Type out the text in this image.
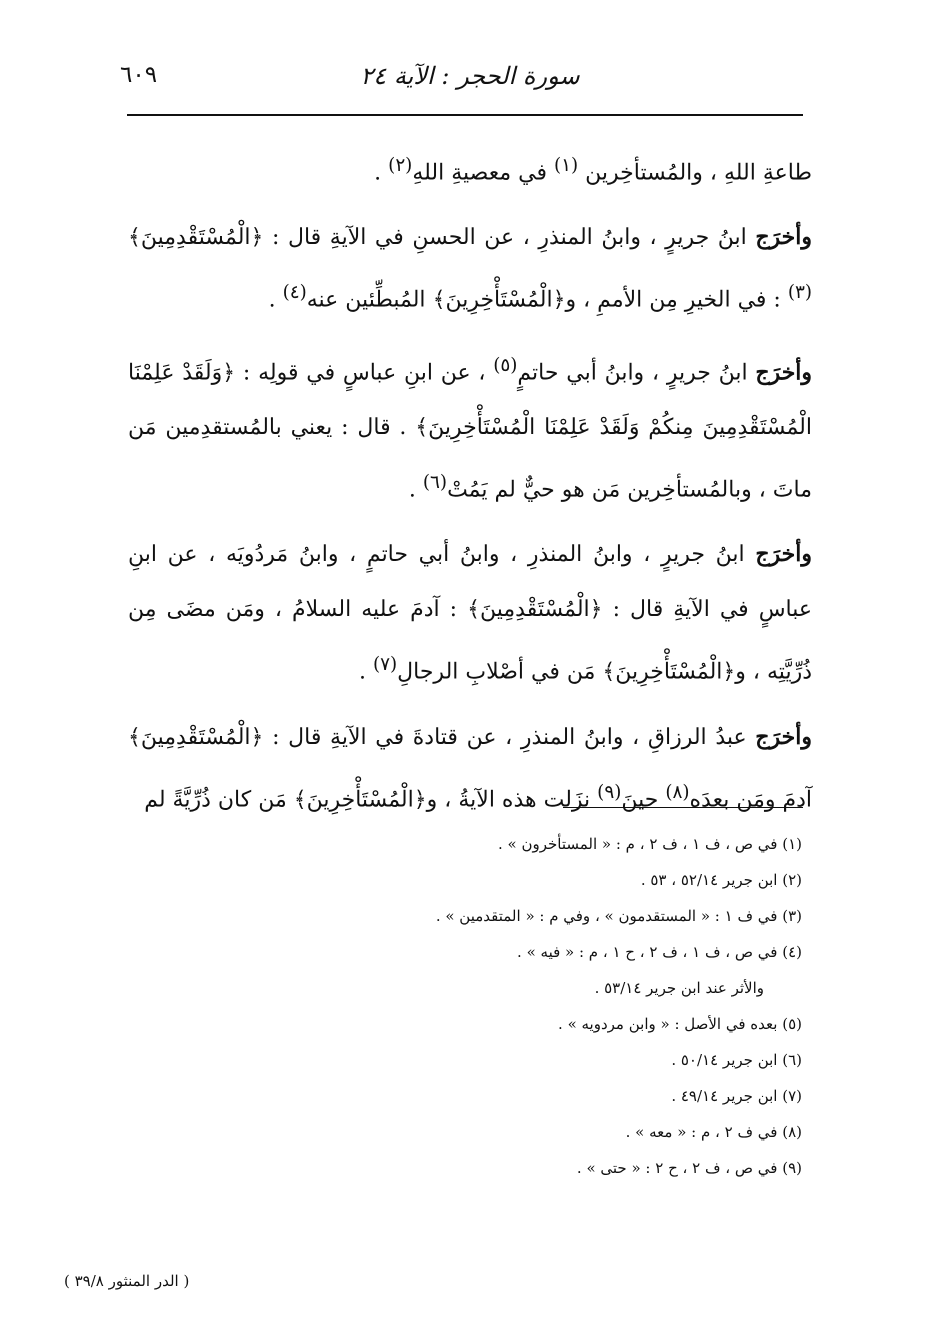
سورة الحجر : الآية ٢٤
٦٠٩

طاعةِ اللهِ ، والمُستأخِرين $^{(١)}$ في معصيةِ اللهِ$^{(٢)}$ .

وأخرَج ابنُ جريرٍ ، وابنُ المنذرِ ، عن الحسنِ في الآيةِ قال : ﴿الْمُسْتَقْدِمِينَ﴾$^{(٣)}$ : في الخيرِ مِن الأممِ ، و﴿الْمُسْتَأْخِرِينَ﴾ المُبطِّئين عنه$^{(٤)}$ .

وأخرَج ابنُ جريرٍ ، وابنُ أبي حاتمٍ$^{(٥)}$ ، عن ابنِ عباسٍ في قولِه : ﴿وَلَقَدْ عَلِمْنَا الْمُسْتَقْدِمِينَ مِنكُمْ وَلَقَدْ عَلِمْنَا الْمُسْتَأْخِرِينَ﴾ . قال : يعني بالمُستقدِمين مَن ماتَ ، وبالمُستأخِرين مَن هو حيٌّ لم يَمُتْ$^{(٦)}$ .

وأخرَج ابنُ جريرٍ ، وابنُ المنذرِ ، وابنُ أبي حاتمٍ ، وابنُ مَردُويَه ، عن ابنِ عباسٍ في الآيةِ قال : ﴿الْمُسْتَقْدِمِينَ﴾ : آدمَ عليه السلامُ ، ومَن مضَى مِن ذُرِّيَّتِه ، و﴿الْمُسْتَأْخِرِينَ﴾ مَن في أصْلابِ الرجالِ$^{(٧)}$ .

وأخرَج عبدُ الرزاقِ ، وابنُ المنذرِ ، عن قتادةَ في الآيةِ قال : ﴿الْمُسْتَقْدِمِينَ﴾ آدمَ ومَن بعدَه$^{(٨)}$ حينَ$^{(٩)}$ نزَلت هذه الآيةُ ، و﴿الْمُسْتَأْخِرِينَ﴾ مَن كان ذُرِّيَّةً لم

(١) في ص ، ف ١ ، ف ٢ ، م : « المستأخرون » .
(٢) ابن جرير ٥٢/١٤ ، ٥٣ .
(٣) في ف ١ : « المستقدمون » ، وفي م : « المتقدمين » .
(٤) في ص ، ف ١ ، ف ٢ ، ح ١ ، م : « فيه » .
والأثر عند ابن جرير ٥٣/١٤ .
(٥) بعده في الأصل : « وابن مردويه » .
(٦) ابن جرير ٥٠/١٤ .
(٧) ابن جرير ٤٩/١٤ .
(٨) في ف ٢ ، م : « معه » .
(٩) في ص ، ف ٢ ، ح ٢ : « حتى » .
( الدر المنثور ٣٩/٨ )
